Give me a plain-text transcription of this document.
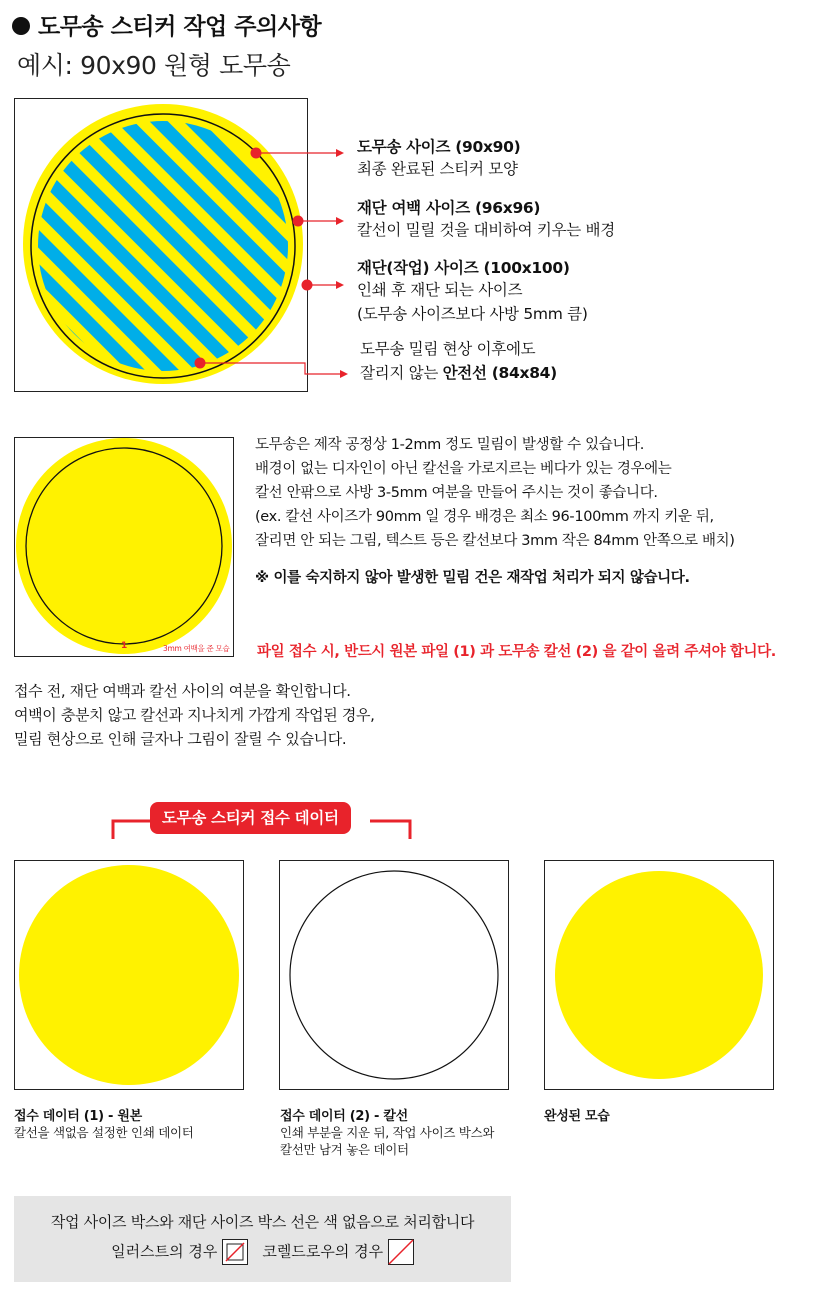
도무송 스티커 작업 주의사항
예시: 90x90 원형 도무송
도무송 사이즈 (90x90)
최종 완료된 스티커 모양
재단 여백 사이즈 (96x96)
칼선이 밀릴 것을 대비하여 키우는 배경
재단(작업) 사이즈 (100x100)
인쇄 후 재단 되는 사이즈
(도무송 사이즈보다 사방 5mm 큼)
도무송 밀림 현상 이후에도
잘리지 않는 안전선 (84x84)
1	3mm 여백을 준 모습
도무송은 제작 공정상 1-2mm 정도 밀림이 발생할 수 있습니다.
배경이 없는 디자인이 아닌 칼선을 가로지르는 베다가 있는 경우에는
칼선 안팎으로 사방 3-5mm 여분을 만들어 주시는 것이 좋습니다.
(ex. 칼선 사이즈가 90mm 일 경우 배경은 최소 96-100mm 까지 키운 뒤,
잘리면 안 되는 그림, 텍스트 등은 칼선보다 3mm 작은 84mm 안쪽으로 배치)
※ 이를 숙지하지 않아 발생한 밀림 건은 재작업 처리가 되지 않습니다.
파일 접수 시, 반드시 원본 파일 (1) 과 도무송 칼선 (2) 을 같이 올려 주셔야 합니다.
접수 전, 재단 여백과 칼선 사이의 여분을 확인합니다.
여백이 충분치 않고 칼선과 지나치게 가깝게 작업된 경우,
밀림 현상으로 인해 글자나 그림이 잘릴 수 있습니다.
도무송 스티커 접수 데이터
접수 데이터 (1) - 원본
칼선을 색없음 설정한 인쇄 데이터
접수 데이터 (2) - 칼선
인쇄 부분을 지운 뒤, 작업 사이즈 박스와
칼선만 남겨 놓은 데이터
완성된 모습
작업 사이즈 박스와 재단 사이즈 박스 선은 색 없음으로 처리합니다
일러스트의 경우	코렐드로우의 경우
